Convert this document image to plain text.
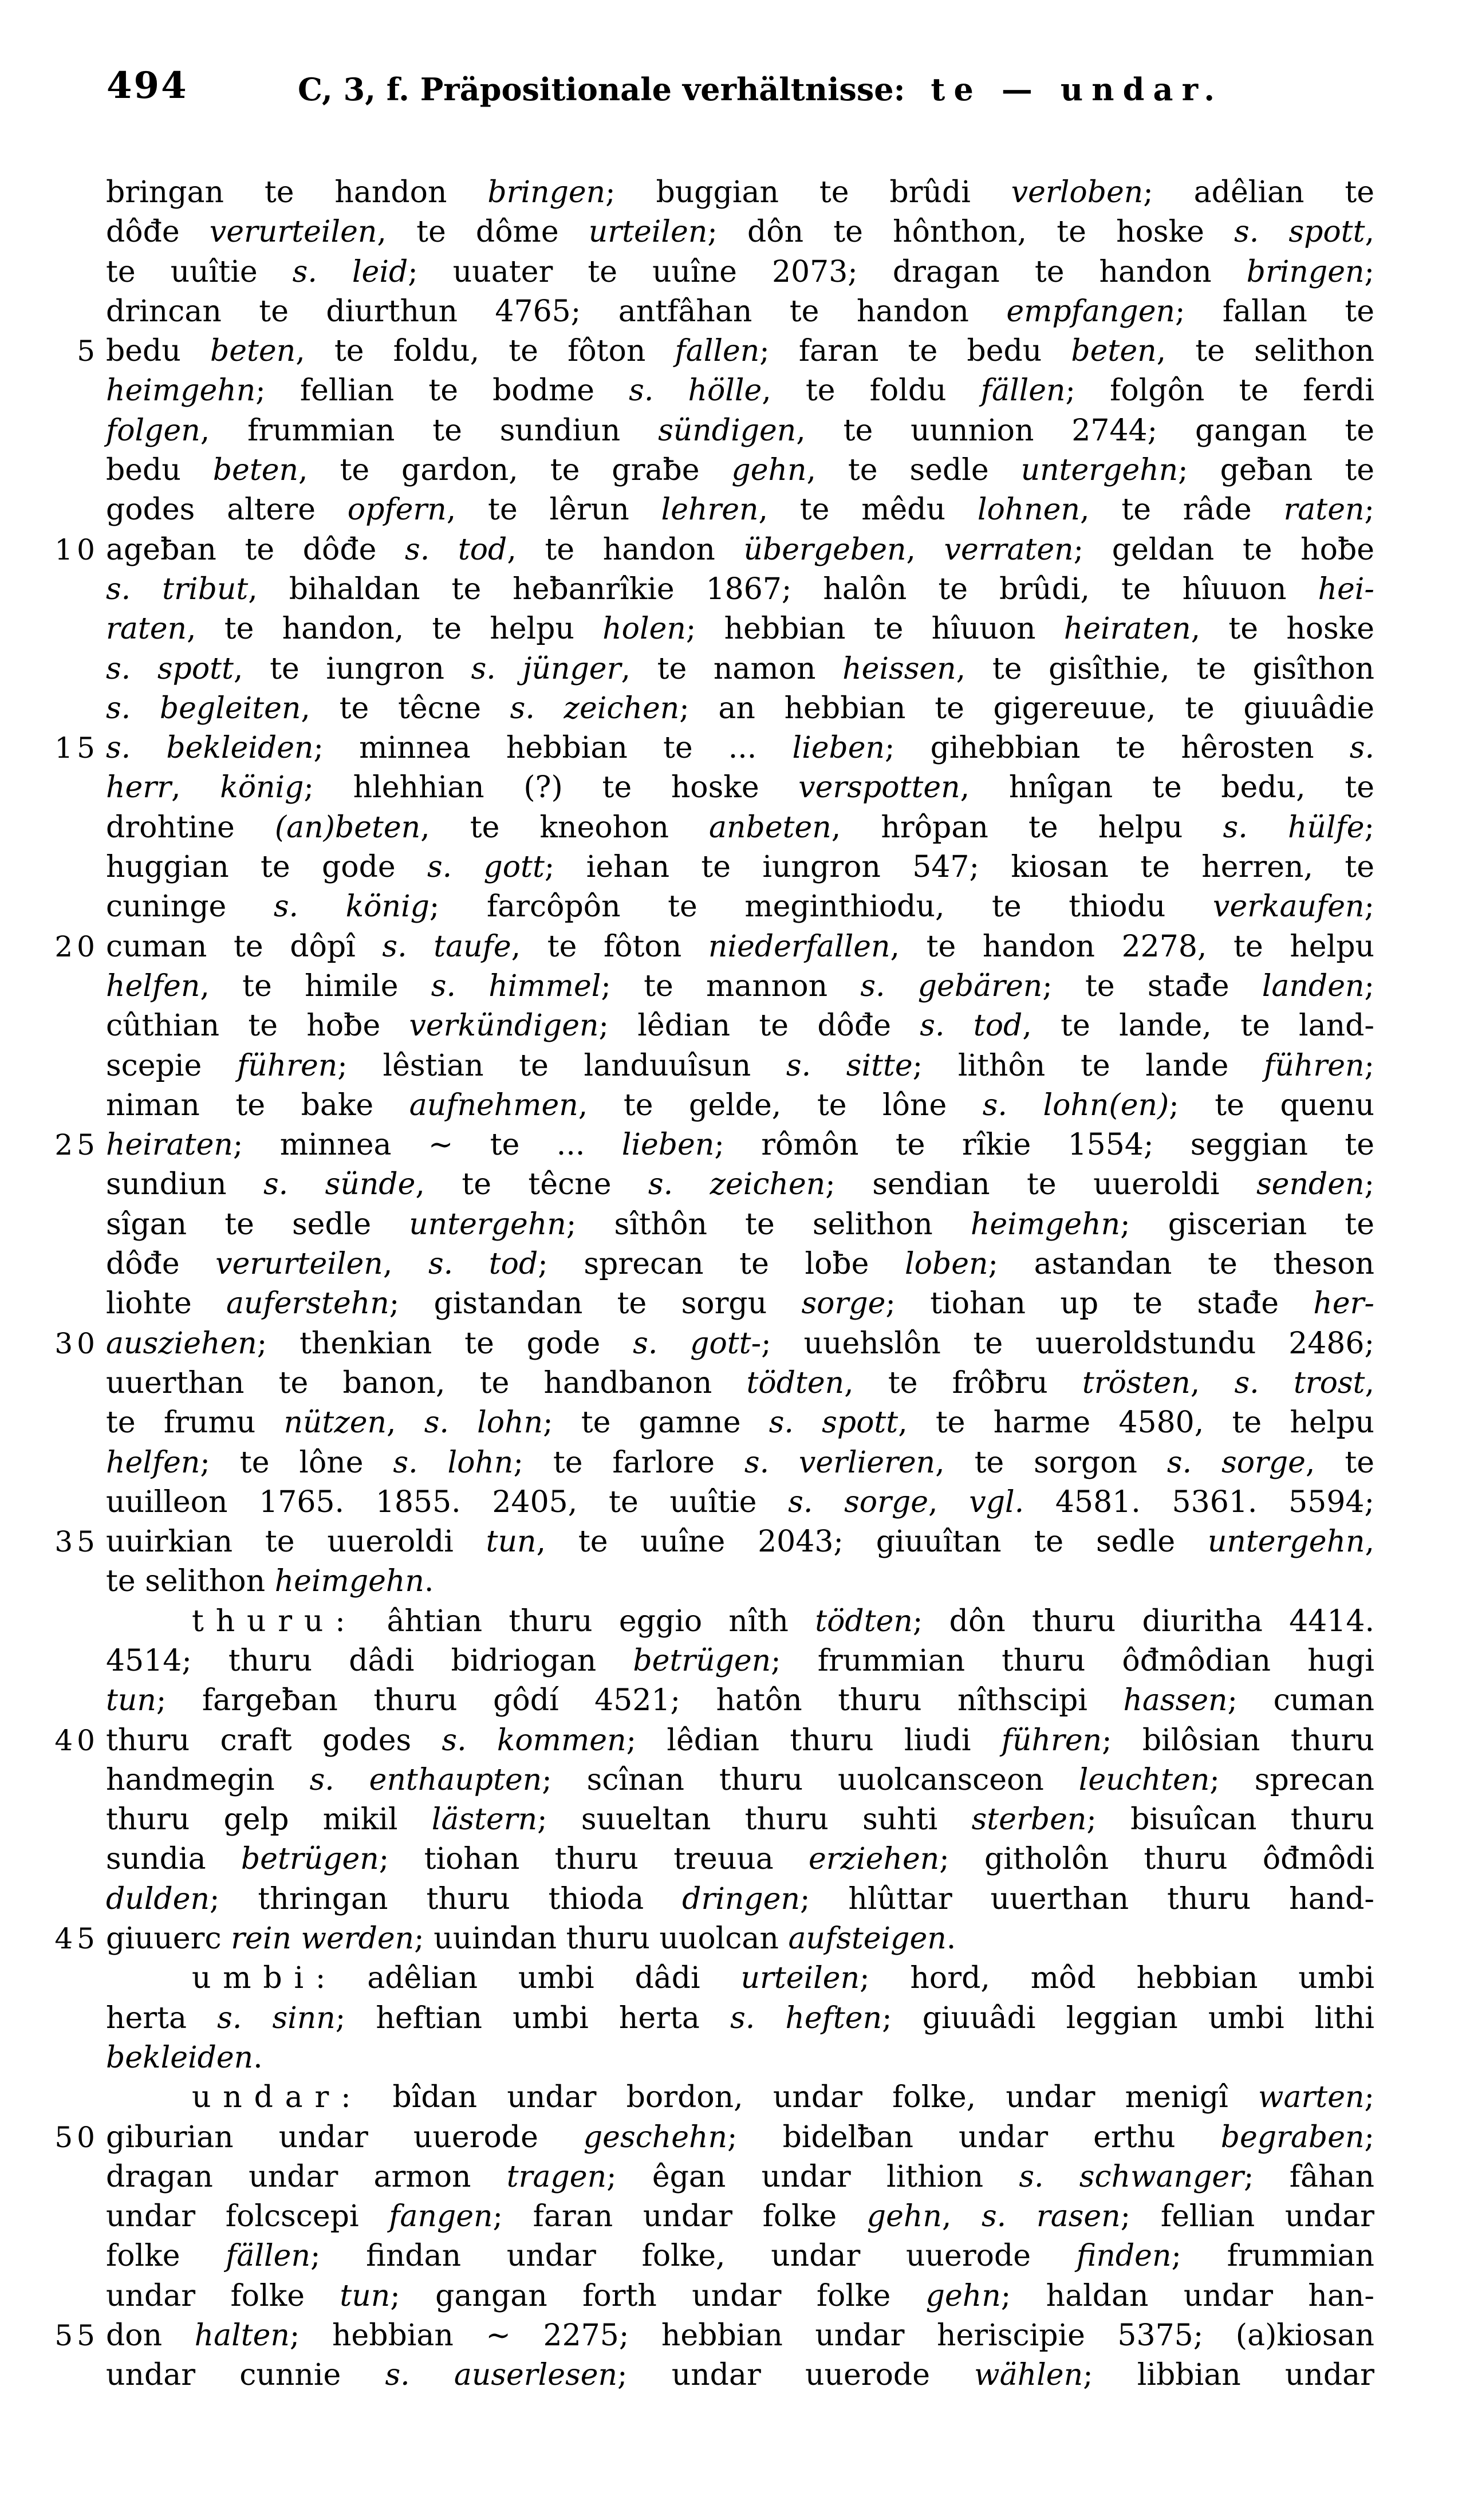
494	C, 3, f. Präpositionale verhältnisse: te — undar.
bringan te handon bringen; buggian te brûdi verloben; adêlian te
dôđe verurteilen, te dôme urteilen; dôn te hônthon, te hoske s. spott,
te uuîtie s. leid; uuater te uuîne 2073; dragan te handon bringen;
drincan te diurthun 4765; antfâhan te handon empfangen; fallan te
5 bedu beten, te foldu, te fôton fallen; faran te bedu beten, te selithon
heimgehn; fellian te bodme s. hölle, te foldu fällen; folgôn te ferdi
folgen, frummian te sundiun sündigen, te uunnion 2744; gangan te
bedu beten, te gardon, te graƀe gehn, te sedle untergehn; geƀan te
godes altere opfern, te lêrun lehren, te mêdu lohnen, te râde raten;
10 ageƀan te dôđe s. tod, te handon übergeben, verraten; geldan te hoƀe
s. tribut, bihaldan te heƀanrîkie 1867; halôn te brûdi, te hîuuon hei-
raten, te handon, te helpu holen; hebbian te hîuuon heiraten, te hoske
s. spott, te iungron s. jünger, te namon heissen, te gisîthie, te gisîthon
s. begleiten, te têcne s. zeichen; an hebbian te gigereuue, te giuuâdie
15 s. bekleiden; minnea hebbian te ... lieben; gihebbian te hêrosten s.
herr, könig; hlehhian (?) te hoske verspotten, hnîgan te bedu, te
drohtine (an)beten, te kneohon anbeten, hrôpan te helpu s. hülfe;
huggian te gode s. gott; iehan te iungron 547; kiosan te herren, te
cuninge s. könig; farcôpôn te meginthiodu, te thiodu verkaufen;
20 cuman te dôpî s. taufe, te fôton niederfallen, te handon 2278, te helpu
helfen, te himile s. himmel; te mannon s. gebären; te stađe landen;
cûthian te hoƀe verkündigen; lêdian te dôđe s. tod, te lande, te land-
scepie führen; lêstian te landuuîsun s. sitte; lithôn te lande führen;
niman te bake aufnehmen, te gelde, te lône s. lohn(en); te quenu
25 heiraten; minnea ~ te ... lieben; rômôn te rîkie 1554; seggian te
sundiun s. sünde, te têcne s. zeichen; sendian te uueroldi senden;
sîgan te sedle untergehn; sîthôn te selithon heimgehn; giscerian te
dôđe verurteilen, s. tod; sprecan te loƀe loben; astandan te theson
liohte auferstehn; gistandan te sorgu sorge; tiohan up te stađe her-
30 ausziehen; thenkian te gode s. gott-; uuehslôn te uueroldstundu 2486;
uuerthan te banon, te handbanon tödten, te frôƀru trösten, s. trost,
te frumu nützen, s. lohn; te gamne s. spott, te harme 4580, te helpu
helfen; te lône s. lohn; te farlore s. verlieren, te sorgon s. sorge, te
uuilleon 1765. 1855. 2405, te uuîtie s. sorge, vgl. 4581. 5361. 5594;
35 uuirkian te uueroldi tun, te uuîne 2043; giuuîtan te sedle untergehn,
te selithon heimgehn.
thuru: âhtian thuru eggio nîth tödten; dôn thuru diuritha 4414.
4514; thuru dâdi bidriogan betrügen; frummian thuru ôđmôdian hugi
tun; fargeƀan thuru gôdí 4521; hatôn thuru nîthscipi hassen; cuman
40 thuru craft godes s. kommen; lêdian thuru liudi führen; bilôsian thuru
handmegin s. enthaupten; scînan thuru uuolcansceon leuchten; sprecan
thuru gelp mikil lästern; suueltan thuru suhti sterben; bisuîcan thuru
sundia betrügen; tiohan thuru treuua erziehen; githolôn thuru ôđmôdi
dulden; thringan thuru thioda dringen; hlûttar uuerthan thuru hand-
45 giuuerc rein werden; uuindan thuru uuolcan aufsteigen.
umbi: adêlian umbi dâdi urteilen; hord, môd hebbian umbi
herta s. sinn; heftian umbi herta s. heften; giuuâdi leggian umbi lithi
bekleiden.
undar: bîdan undar bordon, undar folke, undar menigî warten;
50 giburian undar uuerode geschehn; bidelƀan undar erthu begraben;
dragan undar armon tragen; êgan undar lithion s. schwanger; fâhan
undar folcscepi fangen; faran undar folke gehn, s. rasen; fellian undar
folke fällen; findan undar folke, undar uuerode finden; frummian
undar folke tun; gangan forth undar folke gehn; haldan undar han-
55 don halten; hebbian ~ 2275; hebbian undar heriscipie 5375; (a)kiosan
undar cunnie s. auserlesen; undar uuerode wählen; libbian undar
